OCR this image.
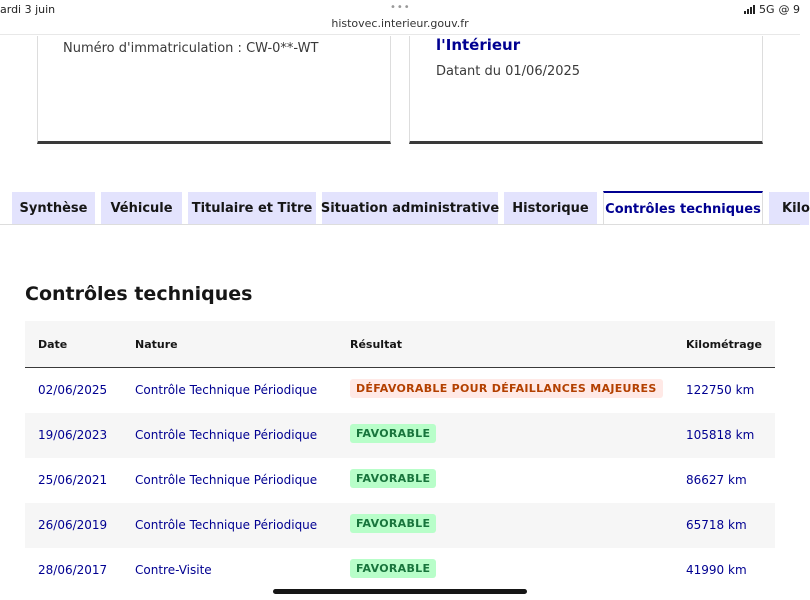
ardi 3 juin	•••	5G @ 9
histovec.interieur.gouv.fr
Numéro d'immatriculation : CW-0**-WT	l'Intérieur
Datant du 01/06/2025
Synthèse	Véhicule	Titulaire et Titre Situation administrative	Historique	Contrôles techniques	Kilo
Contrôles techniques
Date	Nature	Résultat	Kilométrage
02/06/2025 Contrôle Technique Périodique	DÉFAVORABLE POUR DÉFAILLANCES MAJEURES	122750 km
19/06/2023 Contrôle Technique Périodique	FAVORABLE	105818 km
25/06/2021 Contrôle Technique Périodique	FAVORABLE	86627 km
26/06/2019 Contrôle Technique Périodique	FAVORABLE	65718 km
28/06/2017 Contre-Visite	FAVORABLE	41990 km
